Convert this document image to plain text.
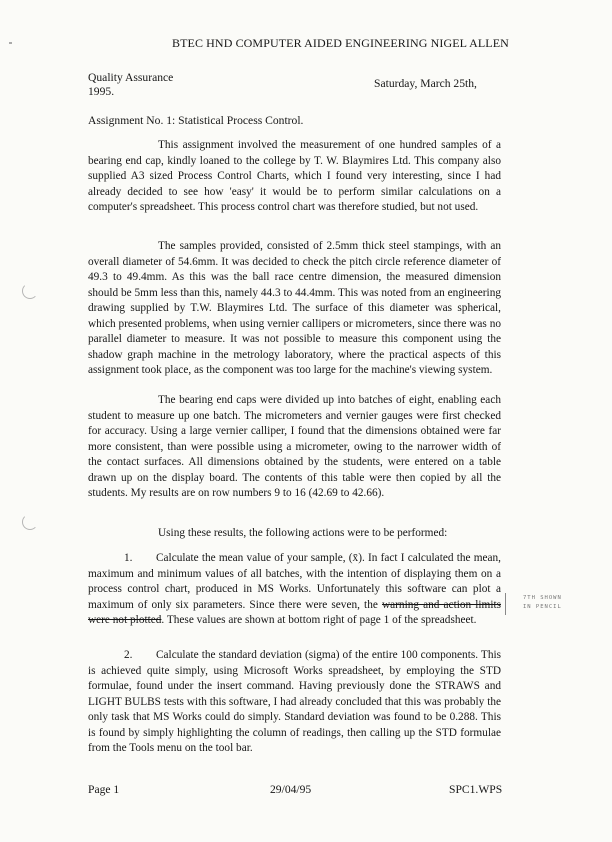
BTEC HND COMPUTER AIDED ENGINEERING NIGEL ALLEN
Quality Assurance
1995.
Saturday, March 25th,
Assignment No. 1: Statistical Process Control.
This assignment involved the measurement of one hundred samples of a bearing end cap, kindly loaned to the college by T. W. Blaymires Ltd. This company also supplied A3 sized Process Control Charts, which I found very interesting, since I had already decided to see how 'easy' it would be to perform similar calculations on a computer's spreadsheet. This process control chart was therefore studied, but not used.
The samples provided, consisted of 2.5mm thick steel stampings, with an overall diameter of 54.6mm. It was decided to check the pitch circle reference diameter of 49.3 to 49.4mm. As this was the ball race centre dimension, the measured dimension should be 5mm less than this, namely 44.3 to 44.4mm. This was noted from an engineering drawing supplied by T.W. Blaymires Ltd. The surface of this diameter was spherical, which presented problems, when using vernier callipers or micrometers, since there was no parallel diameter to measure. It was not possible to measure this component using the shadow graph machine in the metrology laboratory, where the practical aspects of this assignment took place, as the component was too large for the machine's viewing system.
The bearing end caps were divided up into batches of eight, enabling each student to measure up one batch. The micrometers and vernier gauges were first checked for accuracy. Using a large vernier calliper, I found that the dimensions obtained were far more consistent, than were possible using a micrometer, owing to the narrower width of the contact surfaces. All dimensions obtained by the students, were entered on a table drawn up on the display board. The contents of this table were then copied by all the students. My results are on row numbers 9 to 16 (42.69 to 42.66).
Using these results, the following actions were to be performed:
1. Calculate the mean value of your sample, (x̄). In fact I calculated the mean, maximum and minimum values of all batches, with the intention of displaying them on a process control chart, produced in MS Works. Unfortunately this software can plot a maximum of only six parameters. Since there were seven, the warning and action limits were not plotted. These values are shown at bottom right of page 1 of the spreadsheet.
7TH SHOWN
IN PENCIL
2. Calculate the standard deviation (sigma) of the entire 100 components. This is achieved quite simply, using Microsoft Works spreadsheet, by employing the STD formulae, found under the insert command. Having previously done the STRAWS and LIGHT BULBS tests with this software, I had already concluded that this was probably the only task that MS Works could do simply. Standard deviation was found to be 0.288. This is found by simply highlighting the column of readings, then calling up the STD formulae from the Tools menu on the tool bar.
Page 1	29/04/95	SPC1.WPS
